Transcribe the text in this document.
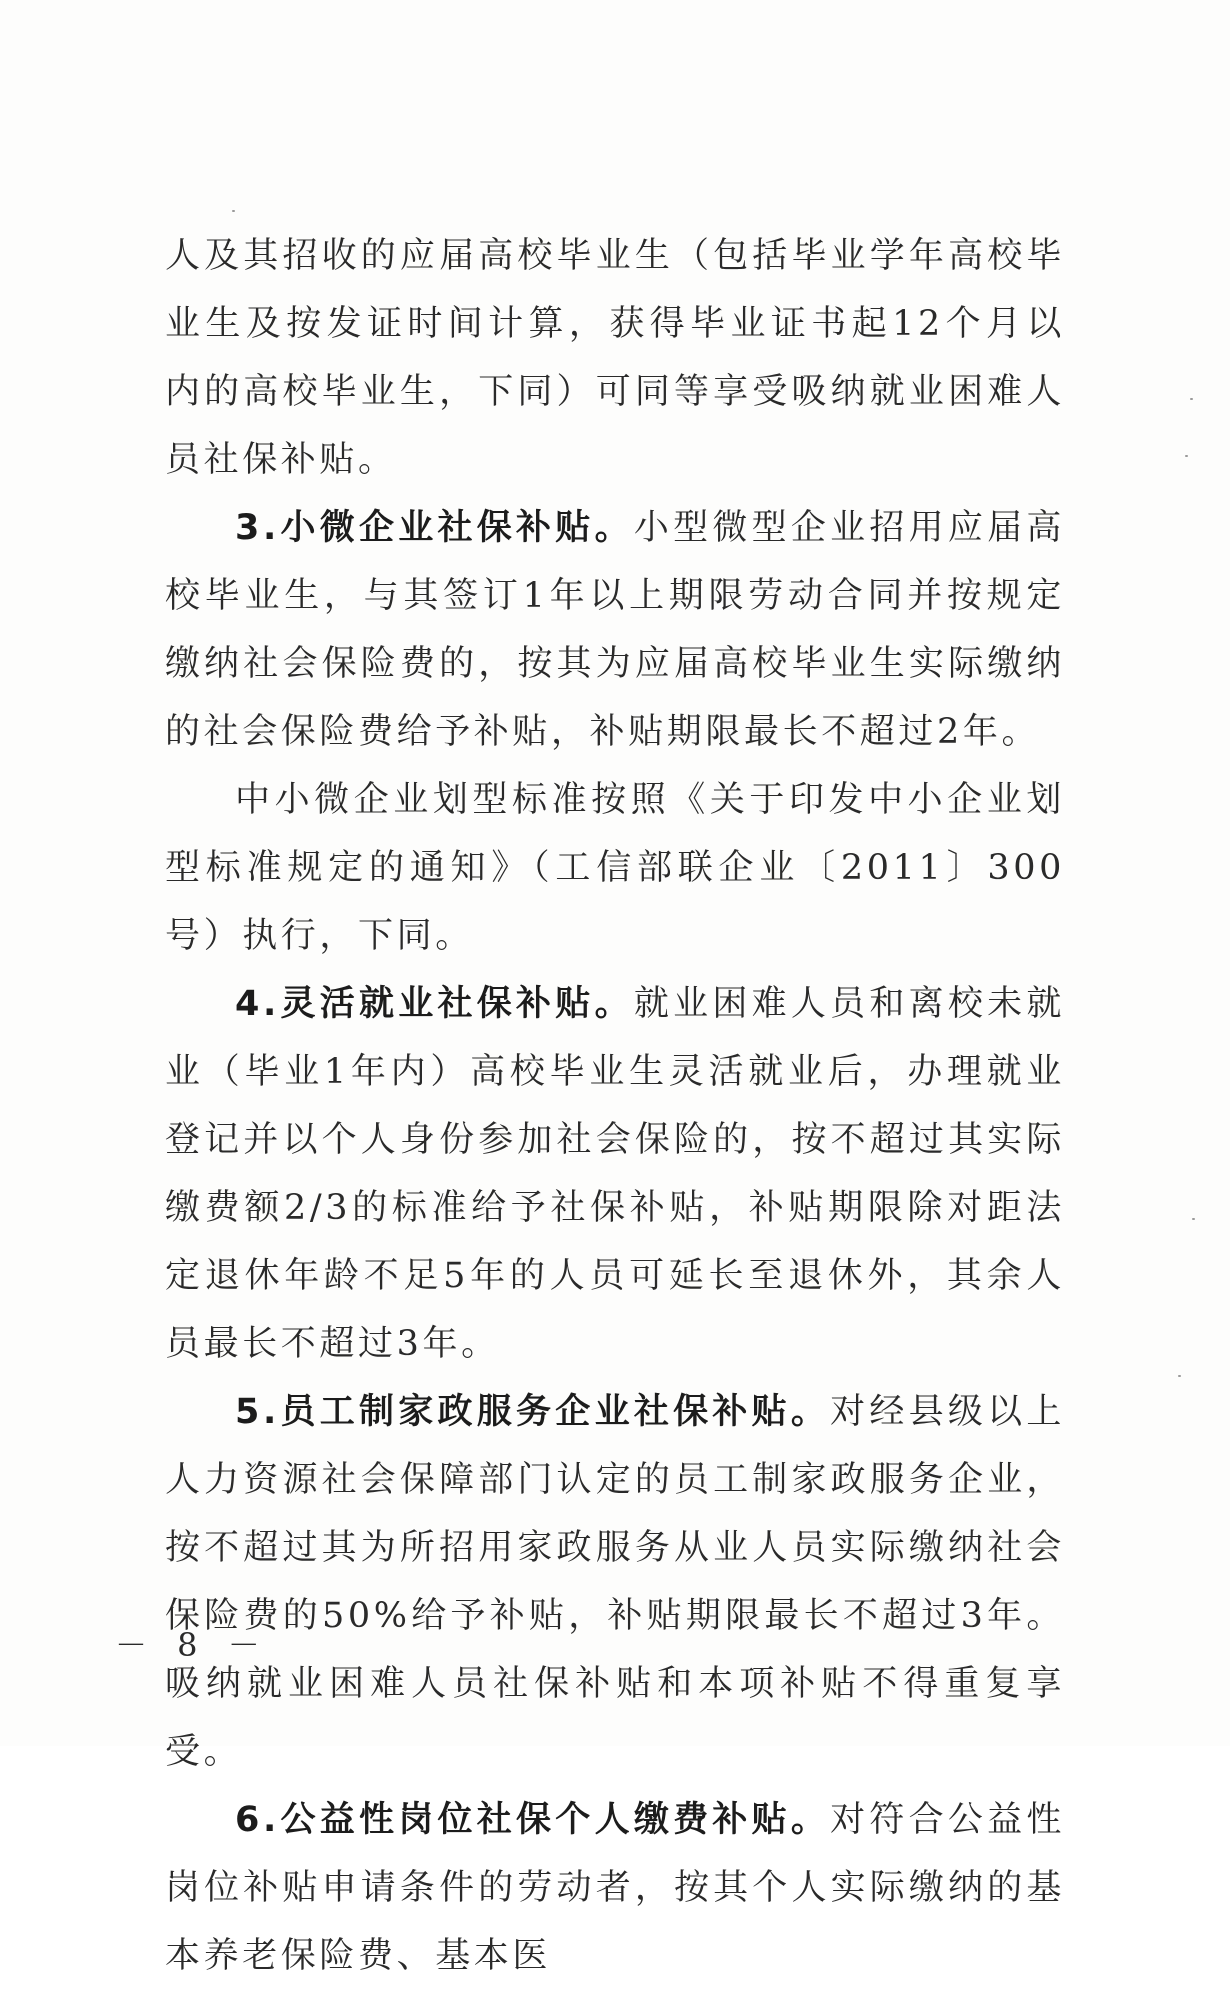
人及其招收的应届高校毕业生（包括毕业学年高校毕业生及按发证时间计算，获得毕业证书起12个月以内的高校毕业生，下同）可同等享受吸纳就业困难人员社保补贴。

3.小微企业社保补贴。小型微型企业招用应届高校毕业生，与其签订1年以上期限劳动合同并按规定缴纳社会保险费的，按其为应届高校毕业生实际缴纳的社会保险费给予补贴，补贴期限最长不超过2年。

中小微企业划型标准按照《关于印发中小企业划型标准规定的通知》（工信部联企业〔2011〕300号）执行，下同。

4.灵活就业社保补贴。就业困难人员和离校未就业（毕业1年内）高校毕业生灵活就业后，办理就业登记并以个人身份参加社会保险的，按不超过其实际缴费额2/3的标准给予社保补贴，补贴期限除对距法定退休年龄不足5年的人员可延长至退休外，其余人员最长不超过3年。

5.员工制家政服务企业社保补贴。对经县级以上人力资源社会保障部门认定的员工制家政服务企业，按不超过其为所招用家政服务从业人员实际缴纳社会保险费的50%给予补贴，补贴期限最长不超过3年。吸纳就业困难人员社保补贴和本项补贴不得重复享受。

6.公益性岗位社保个人缴费补贴。对符合公益性岗位补贴申请条件的劳动者，按其个人实际缴纳的基本养老保险费、基本医

－ 8 －
